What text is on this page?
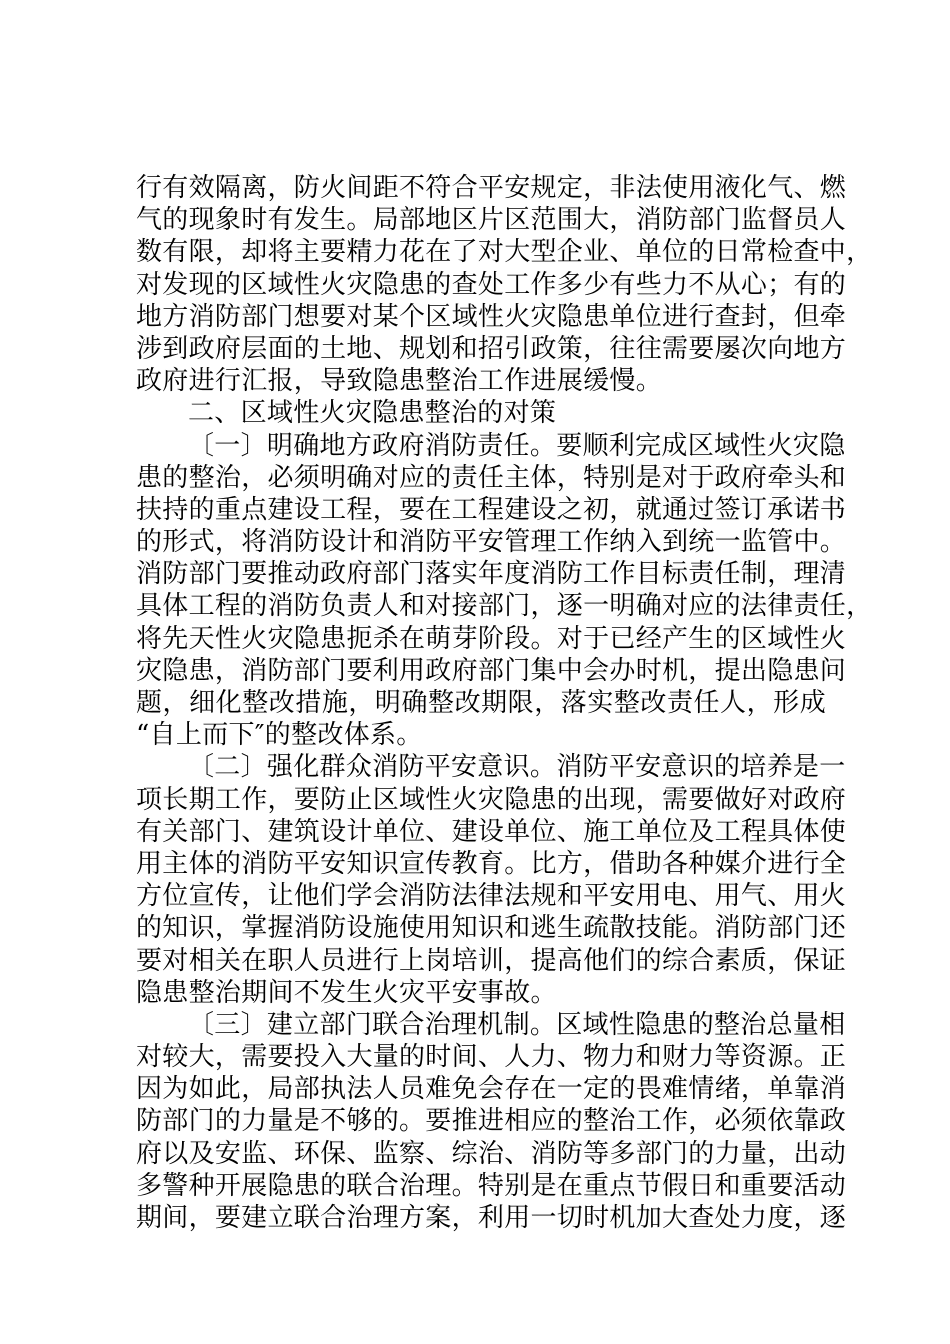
行有效隔离，防火间距不符合平安规定，非法使用液化气、燃
气的现象时有发生。局部地区片区范围大，消防部门监督员人
数有限，却将主要精力花在了对大型企业、单位的日常检查中，
对发现的区域性火灾隐患的查处工作多少有些力不从心；有的
地方消防部门想要对某个区域性火灾隐患单位进行查封，但牵
涉到政府层面的土地、规划和招引政策，往往需要屡次向地方
政府进行汇报，导致隐患整治工作进展缓慢。
二、区域性火灾隐患整治的对策
〔一〕明确地方政府消防责任。要顺利完成区域性火灾隐
患的整治，必须明确对应的责任主体，特别是对于政府牵头和
扶持的重点建设工程，要在工程建设之初，就通过签订承诺书
的形式，将消防设计和消防平安管理工作纳入到统一监管中。
消防部门要推动政府部门落实年度消防工作目标责任制，理清
具体工程的消防负责人和对接部门，逐一明确对应的法律责任，
将先天性火灾隐患扼杀在萌芽阶段。对于已经产生的区域性火
灾隐患，消防部门要利用政府部门集中会办时机，提出隐患问
题，细化整改措施，明确整改期限，落实整改责任人，形成
“自上而下″的整改体系。
〔二〕强化群众消防平安意识。消防平安意识的培养是一
项长期工作，要防止区域性火灾隐患的出现，需要做好对政府
有关部门、建筑设计单位、建设单位、施工单位及工程具体使
用主体的消防平安知识宣传教育。比方，借助各种媒介进行全
方位宣传，让他们学会消防法律法规和平安用电、用气、用火
的知识，掌握消防设施使用知识和逃生疏散技能。消防部门还
要对相关在职人员进行上岗培训，提高他们的综合素质，保证
隐患整治期间不发生火灾平安事故。
〔三〕建立部门联合治理机制。区域性隐患的整治总量相
对较大，需要投入大量的时间、人力、物力和财力等资源。正
因为如此，局部执法人员难免会存在一定的畏难情绪，单靠消
防部门的力量是不够的。要推进相应的整治工作，必须依靠政
府以及安监、环保、监察、综治、消防等多部门的力量，出动
多警种开展隐患的联合治理。特别是在重点节假日和重要活动
期间，要建立联合治理方案，利用一切时机加大查处力度，逐
